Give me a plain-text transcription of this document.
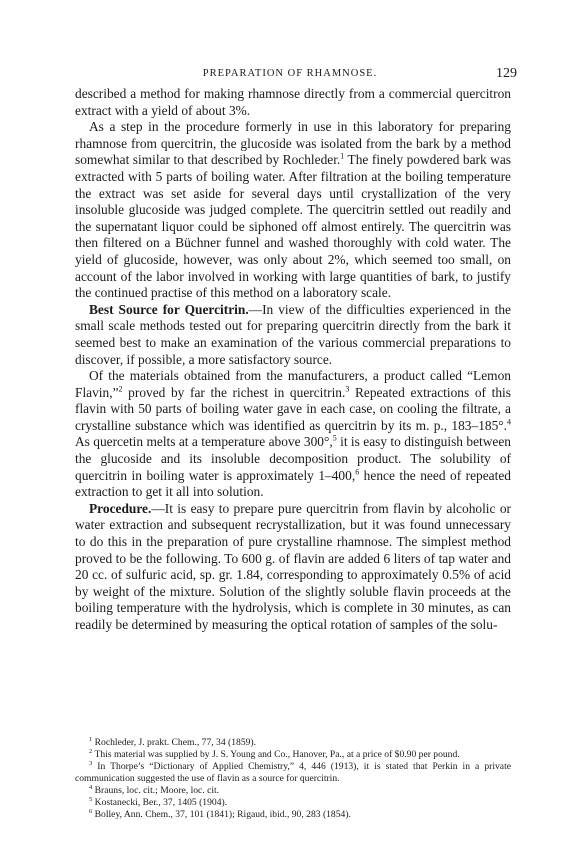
PREPARATION OF RHAMNOSE.	129

described a method for making rhamnose directly from a commercial quercitron extract with a yield of about 3%.

As a step in the procedure formerly in use in this laboratory for preparing rhamnose from quercitrin, the glucoside was isolated from the bark by a method somewhat similar to that described by Rochleder.$^1$ The finely powdered bark was extracted with 5 parts of boiling water. After filtration at the boiling temperature the extract was set aside for several days until crystallization of the very insoluble glucoside was judged complete. The quercitrin settled out readily and the supernatant liquor could be siphoned off almost entirely. The quercitrin was then filtered on a Büchner funnel and washed thoroughly with cold water. The yield of glucoside, however, was only about 2%, which seemed too small, on account of the labor involved in working with large quantities of bark, to justify the continued practise of this method on a laboratory scale.

Best Source for Quercitrin.—In view of the difficulties experienced in the small scale methods tested out for preparing quercitrin directly from the bark it seemed best to make an examination of the various commercial preparations to discover, if possible, a more satisfactory source.

Of the materials obtained from the manufacturers, a product called “Lemon Flavin,”$^2$ proved by far the richest in quercitrin.$^3$ Repeated extractions of this flavin with 50 parts of boiling water gave in each case, on cooling the filtrate, a crystalline substance which was identified as quercitrin by its m. p., 183–185°.$^4$ As quercetin melts at a temperature above 300°,$^5$ it is easy to distinguish between the glucoside and its insoluble decomposition product. The solubility of quercitrin in boiling water is approximately 1–400,$^6$ hence the need of repeated extraction to get it all into solution.

Procedure.—It is easy to prepare pure quercitrin from flavin by alcoholic or water extraction and subsequent recrystallization, but it was found unnecessary to do this in the preparation of pure crystalline rhamnose. The simplest method proved to be the following. To 600 g. of flavin are added 6 liters of tap water and 20 cc. of sulfuric acid, sp. gr. 1.84, corresponding to approximately 0.5% of acid by weight of the mixture. Solution of the slightly soluble flavin proceeds at the boiling temperature with the hydrolysis, which is complete in 30 minutes, as can readily be determined by measuring the optical rotation of samples of the solu-

$^1$ Rochleder, J. prakt. Chem., 77, 34 (1859).

$^2$ This material was supplied by J. S. Young and Co., Hanover, Pa., at a price of $0.90 per pound.

$^3$ In Thorpe’s “Dictionary of Applied Chemistry,” 4, 446 (1913), it is stated that Perkin in a private communication suggested the use of flavin as a source for quercitrin.

$^4$ Brauns, loc. cit.; Moore, loc. cit.

$^5$ Kostanecki, Ber., 37, 1405 (1904).

$^6$ Bolley, Ann. Chem., 37, 101 (1841); Rigaud, ibid., 90, 283 (1854).
